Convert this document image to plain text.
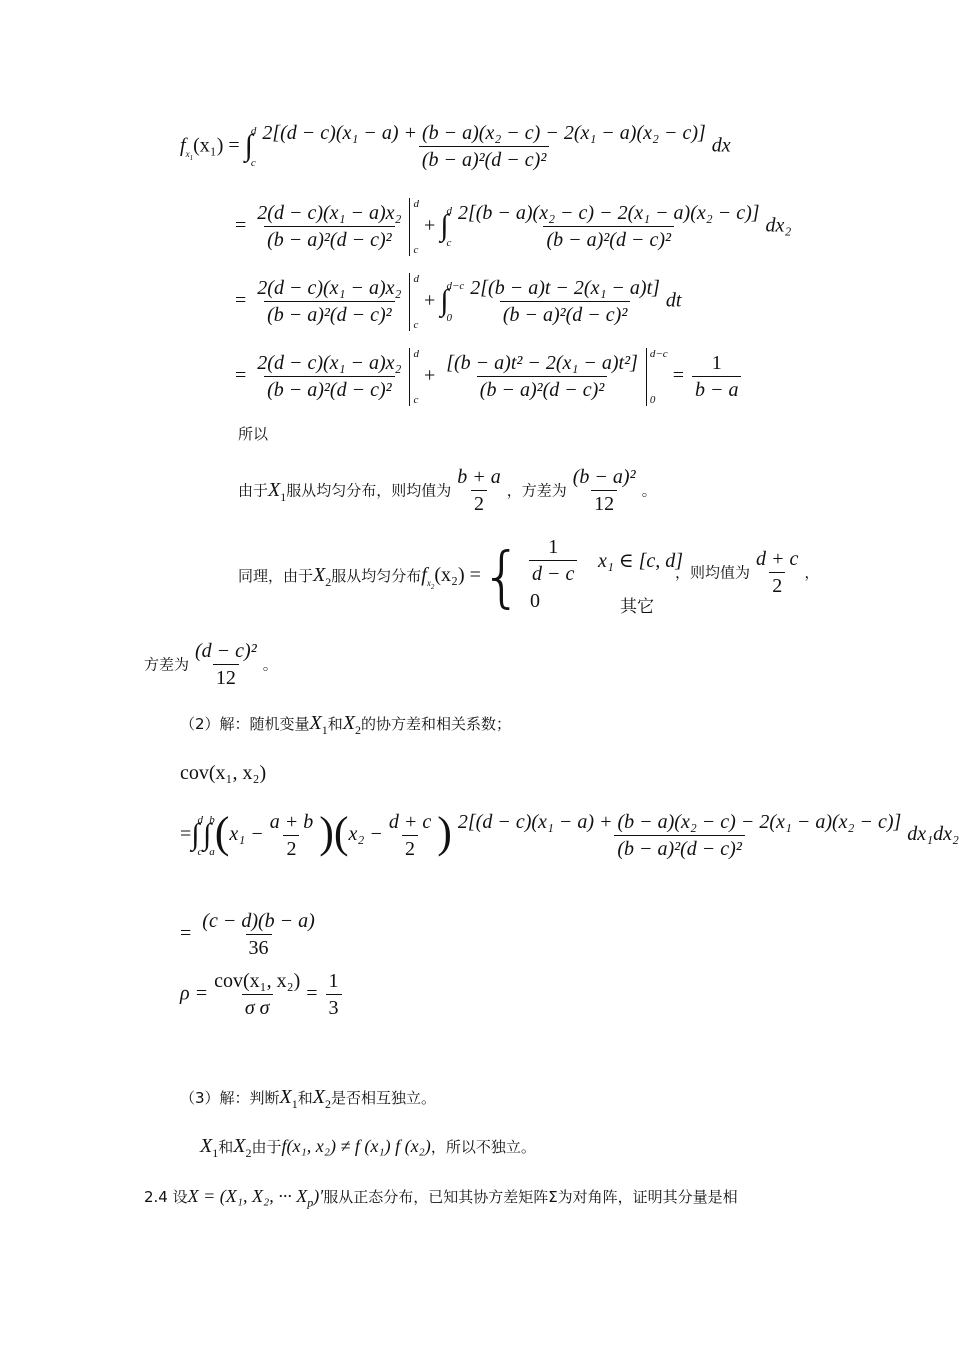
$f_{x_1}(x_1)$ = ∫
d
c $\frac{\text{2[(d − c)(x₁ − a) + (b − a)(x₂ − c) − 2(x₁ − a)(x₂ − c)]}}{\text{(b − a)²(d − c)²}}$ dx
= $\frac{\text{2(d − c)(x₁ − a)x₂}}{\text{(b − a)²(d − c)²}}$ d
c
+ ∫
d
c $\frac{\text{2[(b − a)(x₂ − c) − 2(x₁ − a)(x₂ − c)]}}{\text{(b − a)²(d − c)²}} dx_2$
= $\frac{\text{2(d − c)(x₁ − a)x₂}}{\text{(b − a)²(d − c)²}}$ d
c
+ ∫
d−c
$0 \frac{\text{2[(b − a)t − 2(x₁ − a)t]}}{\text{(b − a)²(d − c)²}}$ dt
= $\frac{\text{2(d − c)(x₁ − a)x₂}}{\text{(b − a)²(d − c)²}}$ d
c
+ $\frac{\text{[(b − a)t² − 2(x₁ − a)t²]}}{\text{(b − a)²(d − c)²}} d-c$
0
= $\frac{1}{b - a}$
所以
由于$X_1$服从均匀分布，则均值为 $\frac{b + a}{2}$ ，方差为 $\frac{\text{(b − a)²}}{12}$ 。
同理，由于$X_2$服从均匀分布$f_{x_2}(x_2)$ ={ $\frac{1}{d - c} x_1$ ∈ [c, d]
0	其它
，则均值为 $\frac{d + c}{2}$ ，
方差为 $\frac{\text{(d − c)²}}{12}$ 。
（2）解：随机变量$X_1$和$X_2$的协方差和相关系数；
cov(x₁, x₂)
=∫
d
c
∫
b
a $(x_1 - \frac{a + b}{2} )(x_2 - \frac{d + c}{2}$ ) $\frac{\text{2[(d − c)(x₁ − a) + (b − a)(x₂ − c) − 2(x₁ − a)(x₂ − c)]}}{\text{(b − a)²(d − c)²}} dx_1dx_2$
= $\frac{(c - d)(b - a)}{36}$
$\rho = \frac{\text{cov(x₁, x₂)}}{\text{σ σ}} = \frac{1}{3}$
（3）解：判断$X_1$和$X_2$是否相互独立。
$X_1$和$X_2$由于f(x₁, x₂) ≠ f (x₁) f (x₂)，所以不独立。
2.4 设X = (X₁, X₂, ··· $X_p)'$服从正态分布，已知其协方差矩阵Σ为对角阵，证明其分量是相
